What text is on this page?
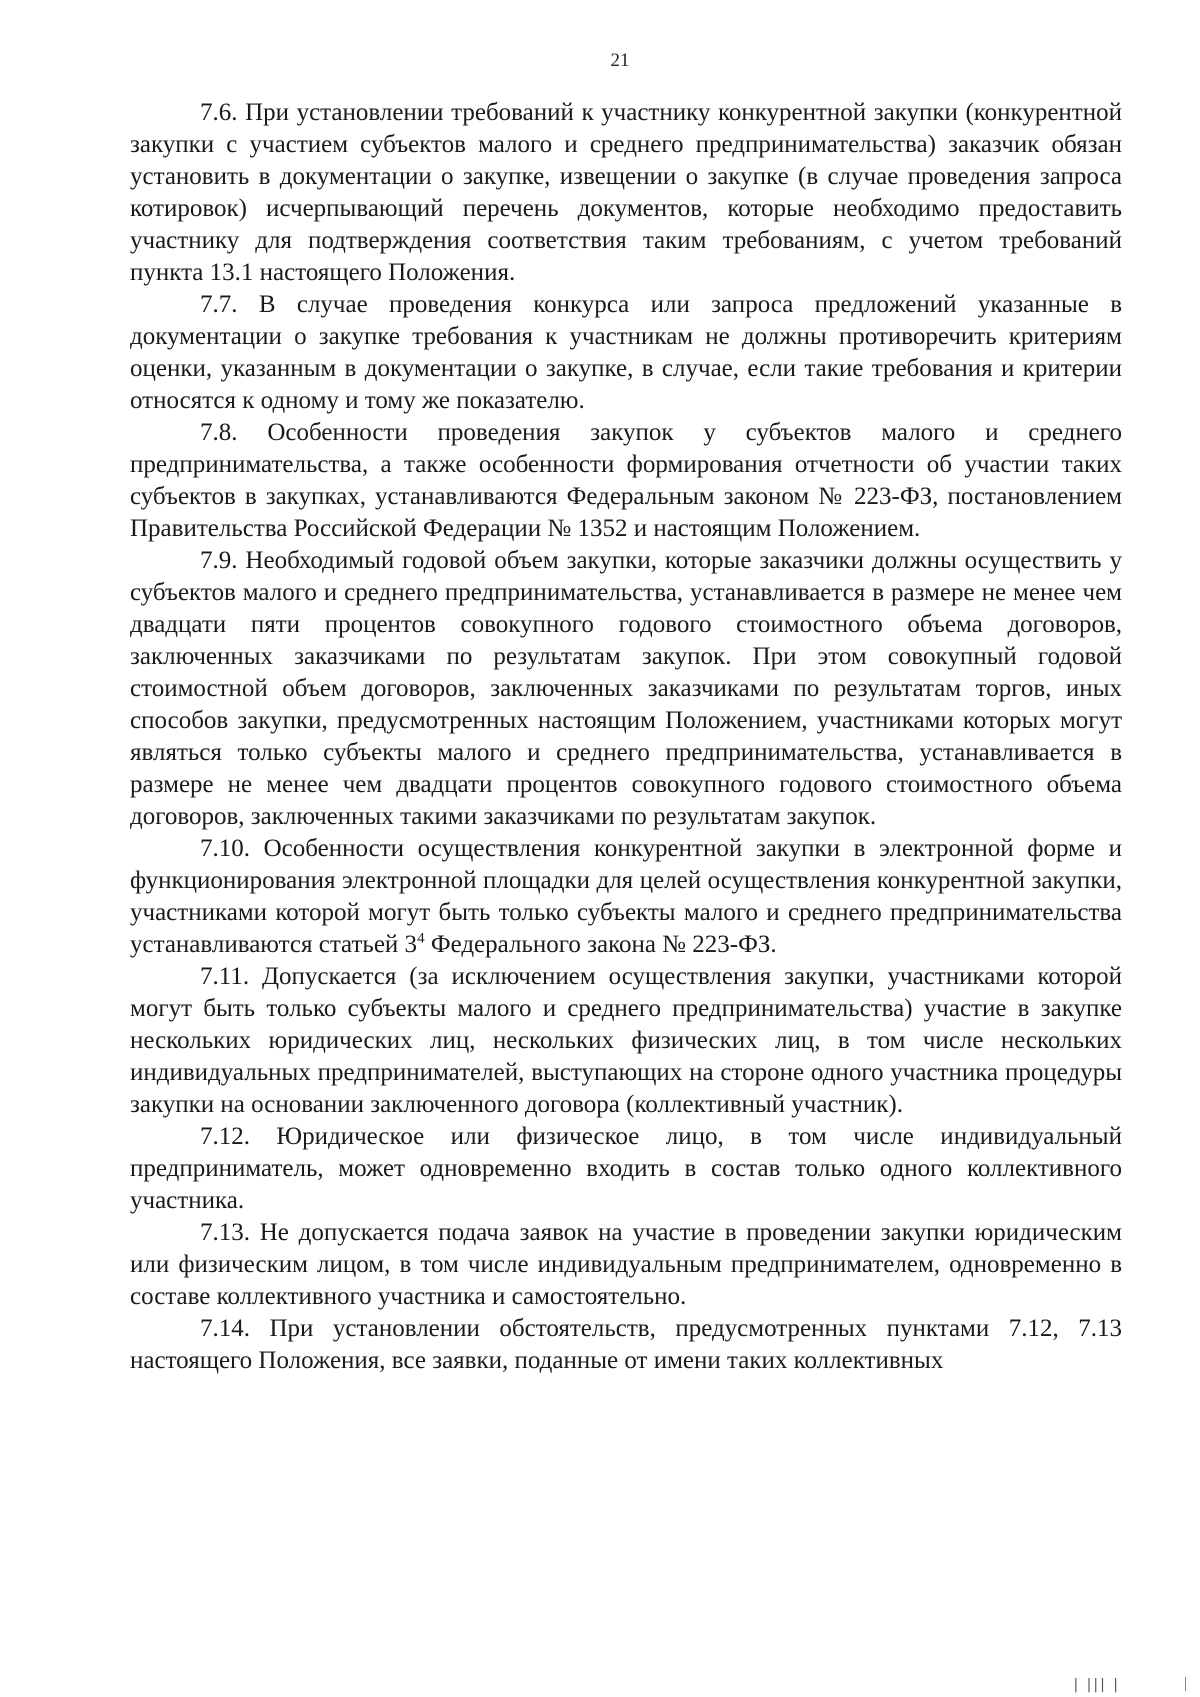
21

7.6. При установлении требований к участнику конкурентной закупки (конкурентной закупки с участием субъектов малого и среднего предпринимательства) заказчик обязан установить в документации о закупке, извещении о закупке (в случае проведения запроса котировок) исчерпывающий перечень документов, которые необходимо предоставить участнику для подтверждения соответствия таким требованиям, с учетом требований пункта 13.1 настоящего Положения.

7.7. В случае проведения конкурса или запроса предложений указанные в документации о закупке требования к участникам не должны противоречить критериям оценки, указанным в документации о закупке, в случае, если такие требования и критерии относятся к одному и тому же показателю.

7.8. Особенности проведения закупок у субъектов малого и среднего предпринимательства, а также особенности формирования отчетности об участии таких субъектов в закупках, устанавливаются Федеральным законом № 223-ФЗ, постановлением Правительства Российской Федерации № 1352 и настоящим Положением.

7.9. Необходимый годовой объем закупки, которые заказчики должны осуществить у субъектов малого и среднего предпринимательства, устанавливается в размере не менее чем двадцати пяти процентов совокупного годового стоимостного объема договоров, заключенных заказчиками по результатам закупок. При этом совокупный годовой стоимостной объем договоров, заключенных заказчиками по результатам торгов, иных способов закупки, предусмотренных настоящим Положением, участниками которых могут являться только субъекты малого и среднего предпринимательства, устанавливается в размере не менее чем двадцати процентов совокупного годового стоимостного объема договоров, заключенных такими заказчиками по результатам закупок.

7.10. Особенности осуществления конкурентной закупки в электронной форме и функционирования электронной площадки для целей осуществления конкурентной закупки, участниками которой могут быть только субъекты малого и среднего предпринимательства устанавливаются статьей $3^4$ Федерального закона № 223-ФЗ.

7.11. Допускается (за исключением осуществления закупки, участниками которой могут быть только субъекты малого и среднего предпринимательства) участие в закупке нескольких юридических лиц, нескольких физических лиц, в том числе нескольких индивидуальных предпринимателей, выступающих на стороне одного участника процедуры закупки на основании заключенного договора (коллективный участник).

7.12. Юридическое или физическое лицо, в том числе индивидуальный предприниматель, может одновременно входить в состав только одного коллективного участника.

7.13. Не допускается подача заявок на участие в проведении закупки юридическим или физическим лицом, в том числе индивидуальным предпринимателем, одновременно в составе коллективного участника и самостоятельно.

7.14. При установлении обстоятельств, предусмотренных пунктами 7.12, 7.13 настоящего Положения, все заявки, поданные от имени таких коллективных

| ||| |
